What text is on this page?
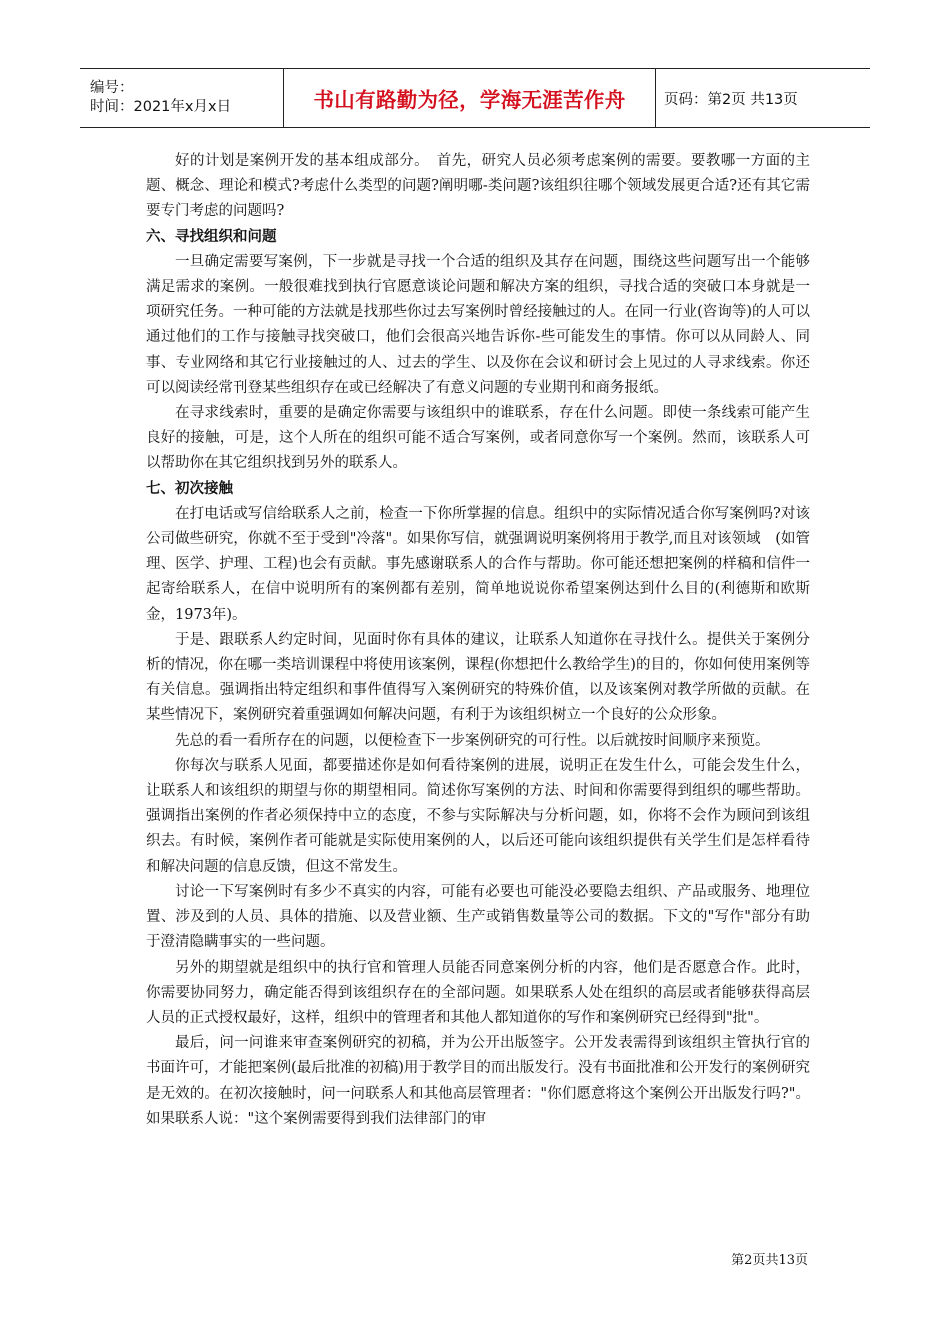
编号：
时间：2021年x月x日	书山有路勤为径，学海无涯苦作舟	页码：第2页 共13页

好的计划是案例开发的基本组成部分。　首先，研究人员必须考虑案例的需要。要教哪一方面的主题、概念、理论和模式?考虑什么类型的问题?阐明哪-类问题?该组织往哪个领域发展更合适?还有其它需要专门考虑的问题吗?

六、寻找组织和问题

一旦确定需要写案例，下一步就是寻找一个合适的组织及其存在问题，围绕这些问题写出一个能够满足需求的案例。一般很难找到执行官愿意谈论问题和解决方案的组织，寻找合适的突破口本身就是一项研究任务。一种可能的方法就是找那些你过去写案例时曾经接触过的人。在同一行业(咨询等)的人可以通过他们的工作与接触寻找突破口，他们会很高兴地告诉你-些可能发生的事情。你可以从同龄人、同事、专业网络和其它行业接触过的人、过去的学生、以及你在会议和研讨会上见过的人寻求线索。你还可以阅读经常刊登某些组织存在或已经解决了有意义问题的专业期刊和商务报纸。

在寻求线索时，重要的是确定你需要与该组织中的谁联系，存在什么问题。即使一条线索可能产生良好的接触，可是，这个人所在的组织可能不适合写案例，或者同意你写一个案例。然而，该联系人可以帮助你在其它组织找到另外的联系人。

七、初次接触

在打电话或写信给联系人之前，检查一下你所掌握的信息。组织中的实际情况适合你写案例吗?对该公司做些研究，你就不至于受到"冷落"。如果你写信，就强调说明案例将用于教学,而且对该领域　(如管理、医学、护理、工程)也会有贡献。事先感谢联系人的合作与帮助。你可能还想把案例的样稿和信件一起寄给联系人，在信中说明所有的案例都有差别，简单地说说你希望案例达到什么目的(利德斯和欧斯金，1973年)。

于是、跟联系人约定时间，见面时你有具体的建议，让联系人知道你在寻找什么。提供关于案例分析的情况，你在哪一类培训课程中将使用该案例，课程(你想把什么教给学生)的目的，你如何使用案例等有关信息。强调指出特定组织和事件值得写入案例研究的特殊价值，以及该案例对教学所做的贡献。在某些情况下，案例研究着重强调如何解决问题，有利于为该组织树立一个良好的公众形象。

先总的看一看所存在的问题，以便检查下一步案例研究的可行性。以后就按时间顺序来预览。

你每次与联系人见面，都要描述你是如何看待案例的进展，说明正在发生什么，可能会发生什么，让联系人和该组织的期望与你的期望相同。简述你写案例的方法、时间和你需要得到组织的哪些帮助。强调指出案例的作者必须保持中立的态度，不参与实际解决与分析问题，如，你将不会作为顾问到该组织去。有时候，案例作者可能就是实际使用案例的人，以后还可能向该组织提供有关学生们是怎样看待和解决问题的信息反馈，但这不常发生。

讨论一下写案例时有多少不真实的内容，可能有必要也可能没必要隐去组织、产品或服务、地理位置、涉及到的人员、具体的措施、以及营业额、生产或销售数量等公司的数据。下文的"写作"部分有助于澄清隐瞒事实的一些问题。

另外的期望就是组织中的执行官和管理人员能否同意案例分析的内容，他们是否愿意合作。此时，你需要协同努力，确定能否得到该组织存在的全部问题。如果联系人处在组织的高层或者能够获得高层人员的正式授权最好，这样，组织中的管理者和其他人都知道你的写作和案例研究已经得到"批"。

最后，问一问谁来审查案例研究的初稿，并为公开出版签字。公开发表需得到该组织主管执行官的书面许可，才能把案例(最后批准的初稿)用于教学目的而出版发行。没有书面批准和公开发行的案例研究是无效的。在初次接触时，问一问联系人和其他高层管理者："你们愿意将这个案例公开出版发行吗?"。如果联系人说："这个案例需要得到我们法律部门的审

第2页共13页
